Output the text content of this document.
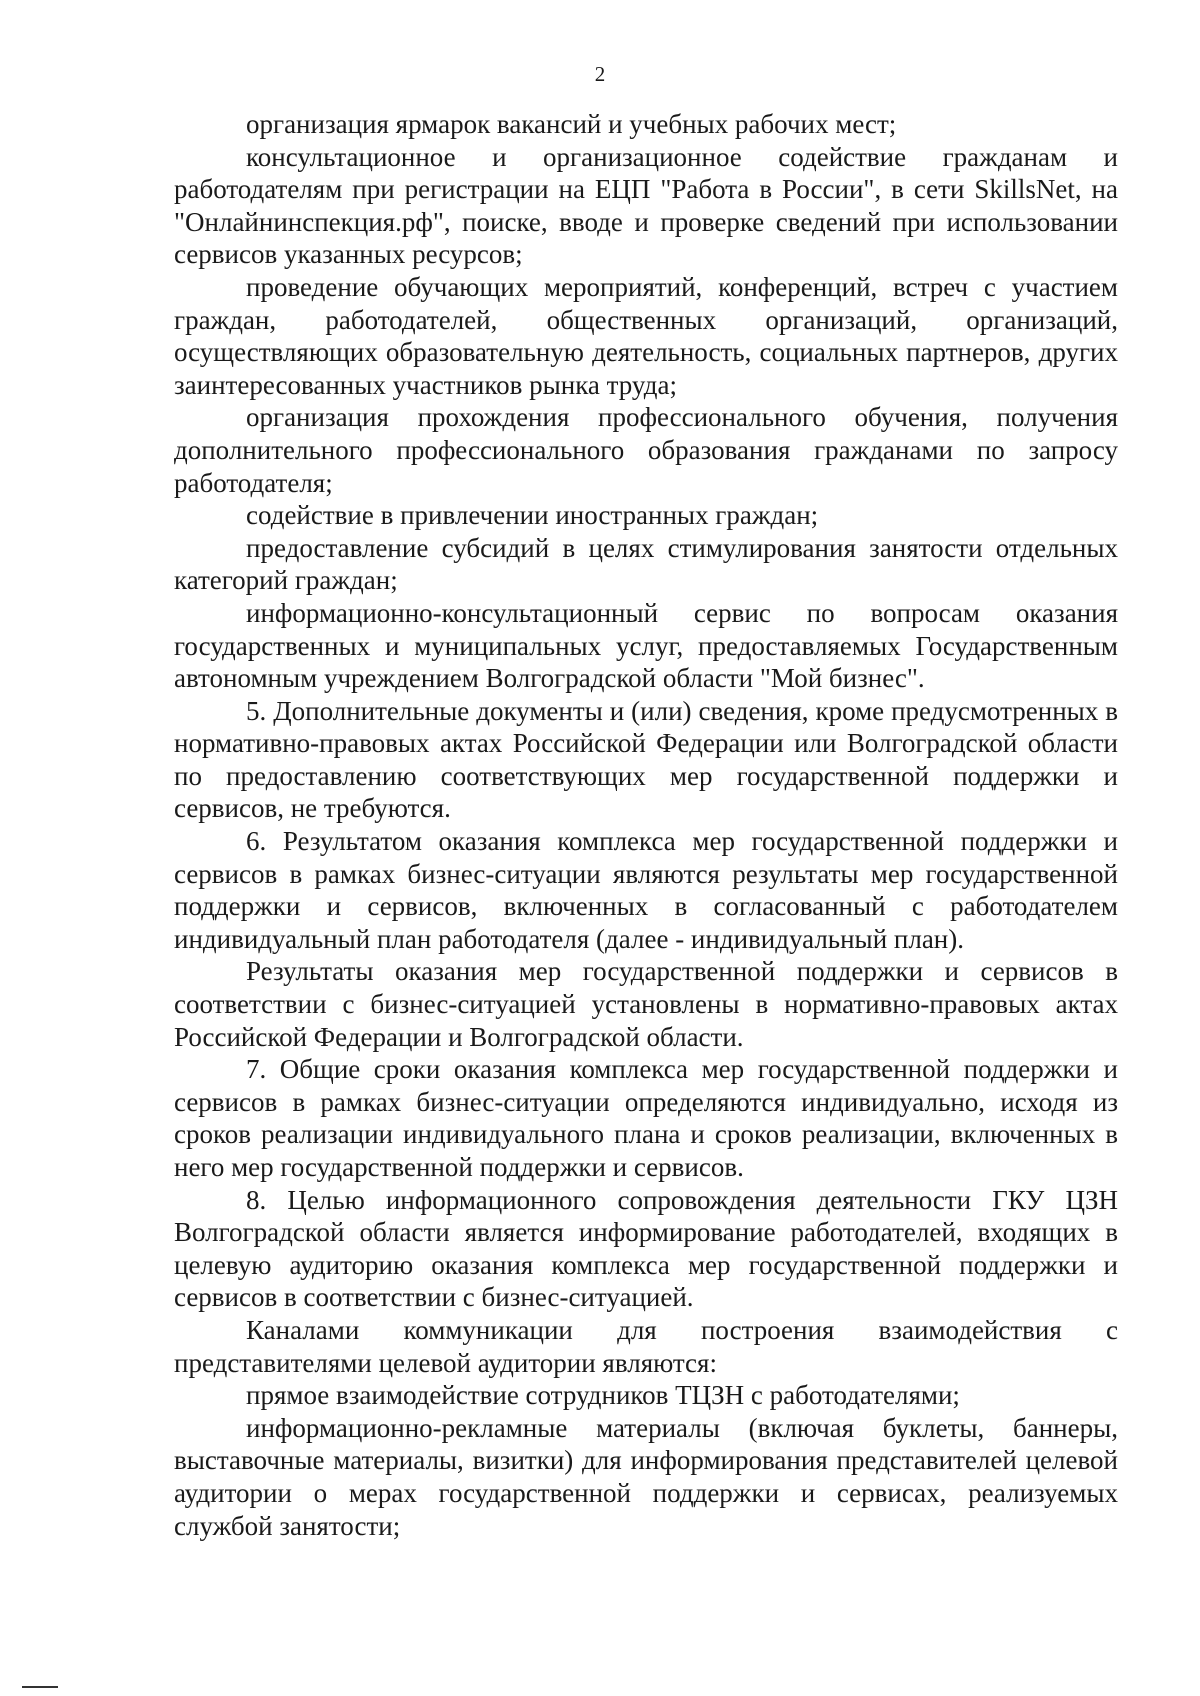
2

организация ярмарок вакансий и учебных рабочих мест;

консультационное и организационное содействие гражданам и работодателям при регистрации на ЕЦП "Работа в России", в сети SkillsNet, на "Онлайнинспекция.рф", поиске, вводе и проверке сведений при использовании сервисов указанных ресурсов;

проведение обучающих мероприятий, конференций, встреч с участием граждан, работодателей, общественных организаций, организаций, осуществляющих образовательную деятельность, социальных партнеров, других заинтересованных участников рынка труда;

организация прохождения профессионального обучения, получения дополнительного профессионального образования гражданами по запросу работодателя;

содействие в привлечении иностранных граждан;

предоставление субсидий в целях стимулирования занятости отдельных категорий граждан;

информационно-консультационный сервис по вопросам оказания государственных и муниципальных услуг, предоставляемых Государственным автономным учреждением Волгоградской области "Мой бизнес".

5. Дополнительные документы и (или) сведения, кроме предусмотренных в нормативно-правовых актах Российской Федерации или Волгоградской области по предоставлению соответствующих мер государственной поддержки и сервисов, не требуются.

6. Результатом оказания комплекса мер государственной поддержки и сервисов в рамках бизнес-ситуации являются результаты мер государственной поддержки и сервисов, включенных в согласованный с работодателем индивидуальный план работодателя (далее - индивидуальный план).

Результаты оказания мер государственной поддержки и сервисов в соответствии с бизнес-ситуацией установлены в нормативно-правовых актах Российской Федерации и Волгоградской области.

7. Общие сроки оказания комплекса мер государственной поддержки и сервисов в рамках бизнес-ситуации определяются индивидуально, исходя из сроков реализации индивидуального плана и сроков реализации, включенных в него мер государственной поддержки и сервисов.

8. Целью информационного сопровождения деятельности ГКУ ЦЗН Волгоградской области является информирование работодателей, входящих в целевую аудиторию оказания комплекса мер государственной поддержки и сервисов в соответствии с бизнес-ситуацией.

Каналами коммуникации для построения взаимодействия с представителями целевой аудитории являются:

прямое взаимодействие сотрудников ТЦЗН с работодателями;

информационно-рекламные материалы (включая буклеты, баннеры, выставочные материалы, визитки) для информирования представителей целевой аудитории о мерах государственной поддержки и сервисах, реализуемых службой занятости;
